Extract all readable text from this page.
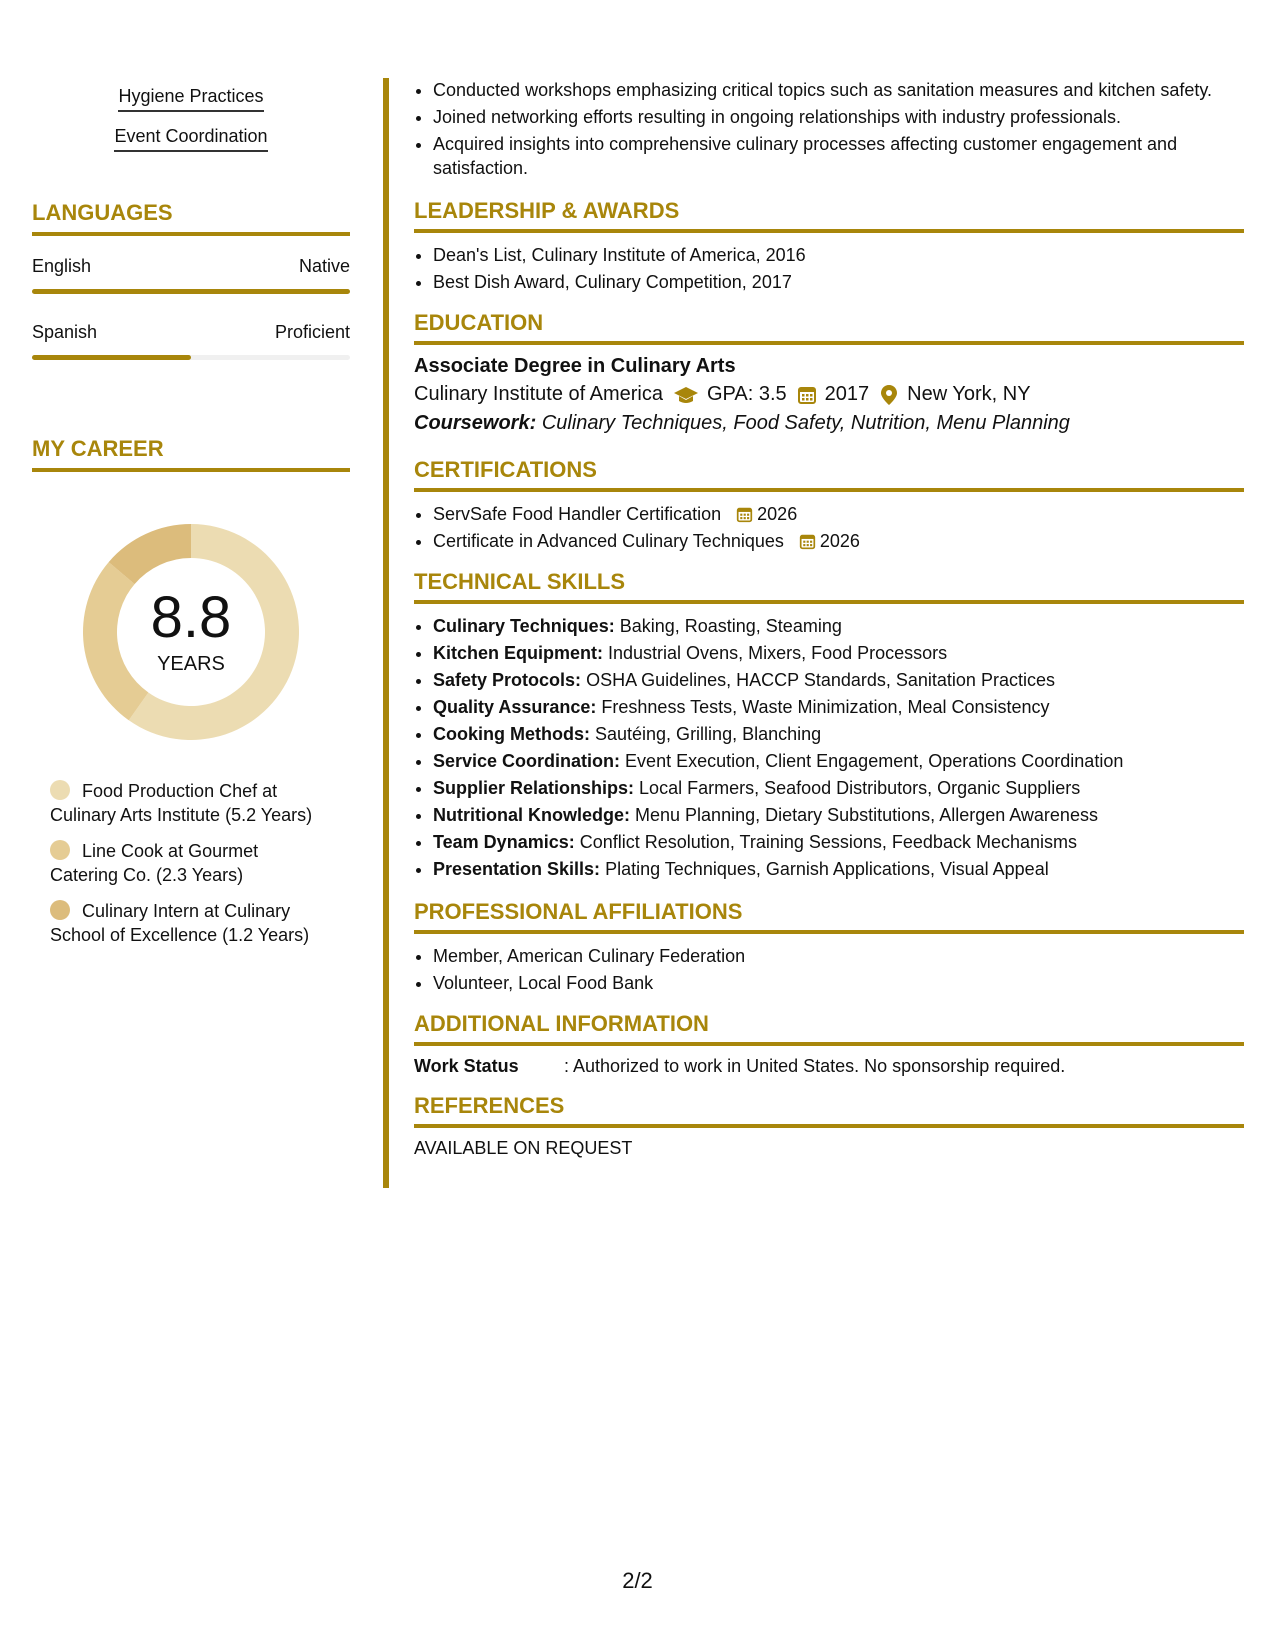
Hygiene Practices
Event Coordination
LANGUAGES
English	Native
Spanish	Proficient
MY CAREER
8.8
YEARS
Food Production Chef at Culinary Arts Institute (5.2 Years)
Line Cook at Gourmet Catering Co. (2.3 Years)
Culinary Intern at Culinary School of Excellence (1.2 Years)
• Conducted workshops emphasizing critical topics such as sanitation measures and kitchen safety.
• Joined networking efforts resulting in ongoing relationships with industry professionals.
• Acquired insights into comprehensive culinary processes affecting customer engagement and satisfaction.
LEADERSHIP & AWARDS
• Dean's List, Culinary Institute of America, 2016
• Best Dish Award, Culinary Competition, 2017
EDUCATION
Associate Degree in Culinary Arts
Culinary Institute of America GPA: 3.5 2017 New York, NY
Coursework: Culinary Techniques, Food Safety, Nutrition, Menu Planning
CERTIFICATIONS
• ServSafe Food Handler Certification 2026
• Certificate in Advanced Culinary Techniques 2026
TECHNICAL SKILLS
• Culinary Techniques: Baking, Roasting, Steaming
• Kitchen Equipment: Industrial Ovens, Mixers, Food Processors
• Safety Protocols: OSHA Guidelines, HACCP Standards, Sanitation Practices
• Quality Assurance: Freshness Tests, Waste Minimization, Meal Consistency
• Cooking Methods: Sautéing, Grilling, Blanching
• Service Coordination: Event Execution, Client Engagement, Operations Coordination
• Supplier Relationships: Local Farmers, Seafood Distributors, Organic Suppliers
• Nutritional Knowledge: Menu Planning, Dietary Substitutions, Allergen Awareness
• Team Dynamics: Conflict Resolution, Training Sessions, Feedback Mechanisms
• Presentation Skills: Plating Techniques, Garnish Applications, Visual Appeal
PROFESSIONAL AFFILIATIONS
• Member, American Culinary Federation
• Volunteer, Local Food Bank
ADDITIONAL INFORMATION
Work Status	: Authorized to work in United States. No sponsorship required.
REFERENCES
AVAILABLE ON REQUEST
2/2
